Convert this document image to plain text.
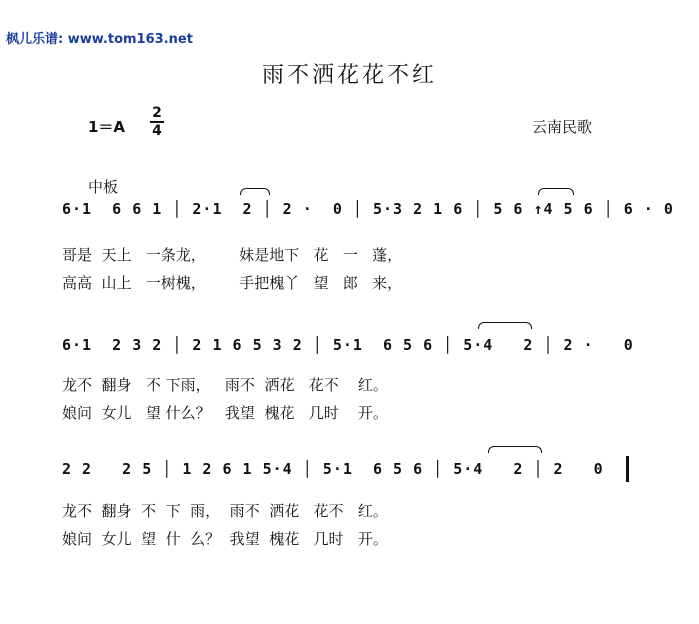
枫儿乐谱: www.tom163.net
雨不洒花花不红
1＝A
2
4	云南民歌
中板
6·1  6 6 1 │ 2·1  2 │ 2 ·  0 │ 5·3 2 1 6 │ 5 6 ↑4 5 6 │ 6 · 0
哥是  天上   一条龙，       妹是地下   花   一   蓬，
高高  山上   一树槐，       手把槐丫   望   郎   来，
6·1  2 3 2 │ 2 1 6 5 3 2 │ 5·1  6 5 6 │ 5·4   2 │ 2 ·   0
龙不  翻身   不 下雨，   雨不  洒花   花不    红。
娘问  女儿   望 什么？   我望  槐花   几时    开。
2 2   2 5 │ 1 2 6 1 5·4 │ 5·1  6 5 6 │ 5·4   2 │ 2   0
龙不  翻身  不  下  雨，  雨不  洒花   花不   红。
娘问  女儿  望  什  么？  我望  槐花   几时   开。
